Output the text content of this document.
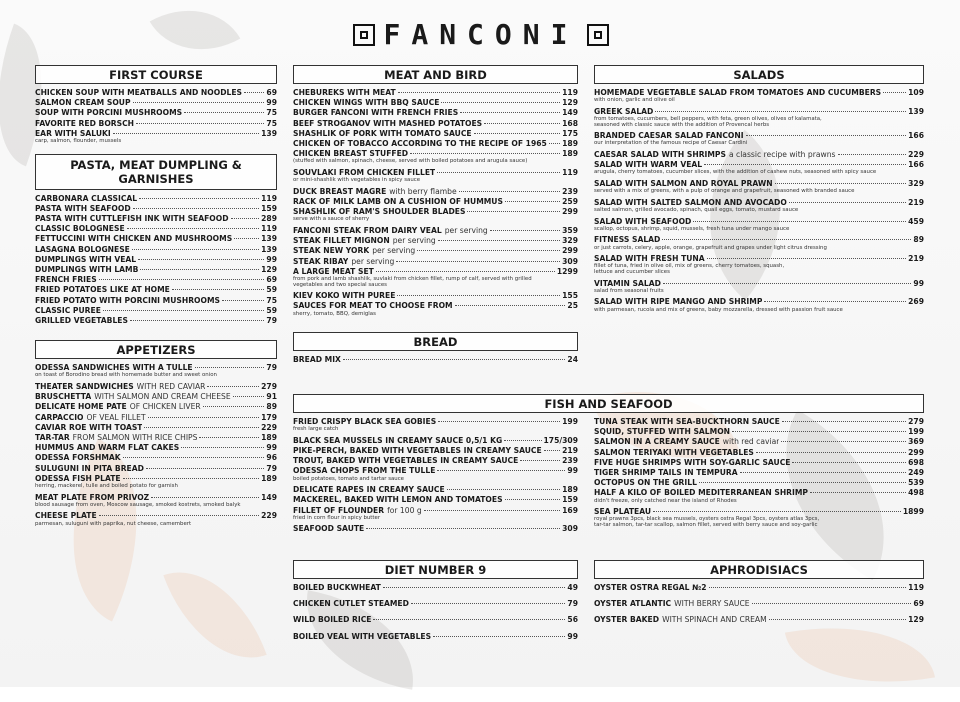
FANCONI
FIRST COURSE
CHICKEN SOUP WITH MEATBALLS AND NOODLES	69
SALMON CREAM SOUP	99
SOUP WITH PORCINI MUSHROOMS	75
FAVORITE RED BORSCH	75
EAR WITH SALUKI	139
carp, salmon, flounder, mussels
PASTA, MEAT DUMPLING &
GARNISHES
CARBONARA CLASSICAL	119
PASTA WITH SEAFOOD	159
PASTA WITH CUTTLEFISH INK WITH SEAFOOD	289
CLASSIC BOLOGNESE	119
FETTUCCINI WITH CHICKEN AND MUSHROOMS	139
LASAGNA BOLOGNESE	139
DUMPLINGS WITH VEAL	99
DUMPLINGS WITH LAMB	129
FRENCH FRIES	69
FRIED POTATOES LIKE AT HOME	59
FRIED POTATO WITH PORCINI MUSHROOMS	75
CLASSIC PUREE	59
GRILLED VEGETABLES	79
APPETIZERS
ODESSA SANDWICHES WITH A TULLE	79
on toast of Borodino bread with homemade butter and sweet onion
THEATER SANDWICHES WITH RED CAVIAR	279
BRUSCHETTA WITH SALMON AND CREAM CHEESE	91
DELICATE HOME PATE OF CHICKEN LIVER	89
CARPACCIO OF VEAL FILLET	179
CAVIAR ROE WITH TOAST	229
TAR-TAR FROM SALMON WITH RICE CHIPS	189
HUMMUS AND WARM FLAT CAKES	99
ODESSA FORSHMAK	96
SULUGUNI IN PITA BREAD	79
ODESSA FISH PLATE	189
herring, mackerel, tulle and boiled potato for garnish
MEAT PLATE FROM PRIVOZ	149
blood sausage from oven, Moscow sausage, smoked kostrets, smoked balyk
CHEESE PLATE	229
parmesan, suluguni with paprika, nut cheese, camembert
MEAT AND BIRD
CHEBUREKS WITH MEAT	119
CHICKEN WINGS WITH BBQ SAUCE	129
BURGER FANCONI WITH FRENCH FRIES	149
BEEF STROGANOV WITH MASHED POTATOES	168
SHASHLIK OF PORK WITH TOMATO SAUCE	175
CHICKEN OF TOBACCO ACCORDING TO THE RECIPE OF 1965 189
CHICKEN BREAST STUFFED	189
(stuffed with salmon, spinach, cheese, served with boiled potatoes and arugula sauce)
SOUVLAKI FROM CHICKEN FILLET	119
or mini-shashlik with vegetables in spicy sauce
DUCK BREAST MAGRE with berry flambe	239
RACK OF MILK LAMB ON A CUSHION OF HUMMUS	259
SHASHLIK OF RAM'S SHOULDER BLADES	299
serve with a sauce of sherry
FANCONI STEAK FROM DAIRY VEAL per serving	359
STEAK FILLET MIGNON per serving	329
STEAK NEW YORK per serving	299
STEAK RIBAY per serving	309
A LARGE MEAT SET	1299
from pork and lamb shashlik, suvlaki from chicken fillet, rump of calf, served with grilled
vegetables and two special sauces
KIEV KOKO WITH PUREE	155
SAUCES FOR MEAT TO CHOOSE FROM	25
sherry, tomato, BBQ, demiglas
BREAD
BREAD MIX	24
SALADS
HOMEMADE VEGETABLE SALAD FROM TOMATOES AND CUCUMBERS	109
with onion, garlic and olive oil
GREEK SALAD	139
from tomatoes, cucumbers, bell peppers, with feta, green olives, olives of kalamata,
seasoned with classic sauce with the addition of Provencal herbs
BRANDED CAESAR SALAD FANCONI	166
our interpretation of the famous recipe of Caesar Cardini
CAESAR SALAD WITH SHRIMPS a classic recipe with prawns	229
SALAD WITH WARM VEAL	166
arugula, cherry tomatoes, cucumber slices, with the addition of cashew nuts, seasoned with spicy sauce
SALAD WITH SALMON AND ROYAL PRAWN	329
served with a mix of greens, with a pulp of orange and grapefruit, seasoned with branded sauce
SALAD WITH SALTED SALMON AND AVOCADO	219
salted salmon, grilled avocado, spinach, quail eggs, tomato, mustard sauce
SALAD WITH SEAFOOD	459
scallop, octopus, shrimp, squid, mussels, fresh tuna under mango sauce
FITNESS SALAD	89
or just carrots, celery, apple, orange, grapefruit and grapes under light citrus dressing
SALAD WITH FRESH TUNA	219
fillet of tuna, fried in olive oil, mix of greens, cherry tomatoes, squash,
lettuce and cucumber slices
VITAMIN SALAD	99
salad from seasonal fruits
SALAD WITH RIPE MANGO AND SHRIMP	269
with parmesan, rucola and mix of greens, baby mozzarella, dressed with passion fruit sauce
FISH AND SEAFOOD
FRIED CRISPY BLACK SEA GOBIES	199
fresh large catch
BLACK SEA MUSSELS IN CREAMY SAUCE 0,5/1 KG	175/309
PIKE-PERCH, BAKED WITH VEGETABLES IN CREAMY SAUCE	219
TROUT, BAKED WITH VEGETABLES IN CREAMY SAUCE	239
ODESSA CHOPS FROM THE TULLE	99
boiled potatoes, tomato and tartar sauce
DELICATE RAPES IN CREAMY SAUCE	189
MACKEREL, BAKED WITH LEMON AND TOMATOES	159
FILLET OF FLOUNDER for 100 g	169
fried in corn flour in spicy butter
SEAFOOD SAUTE	309
TUNA STEAK WITH SEA-BUCKTHORN SAUCE	279
SQUID, STUFFED WITH SALMON	199
SALMON IN A CREAMY SAUCE with red caviar	369
SALMON TERIYAKI WITH VEGETABLES	299
FIVE HUGE SHRIMPS WITH SOY-GARLIC SAUCE	698
TIGER SHRIMP TAILS IN TEMPURA	249
OCTOPUS ON THE GRILL	539
HALF A KILO OF BOILED MEDITERRANEAN SHRIMP	498
didn't freeze, only catched near the island of Rhodes
SEA PLATEAU	1899
royal prawns 3pcs, black sea mussels, oysters ostra Regal 3pcs, oysters atlas 3pcs,
tar-tar salmon, tar-tar scallop, salmon fillet, served with berry sauce and soy-garlic
DIET NUMBER 9
BOILED BUCKWHEAT	49
CHICKEN CUTLET STEAMED	79
WILD BOILED RICE	56
BOILED VEAL WITH VEGETABLES	99
APHRODISIACS
OYSTER OSTRA REGAL №2	119
OYSTER ATLANTIC WITH BERRY SAUCE	69
OYSTER BAKED WITH SPINACH AND CREAM	129
